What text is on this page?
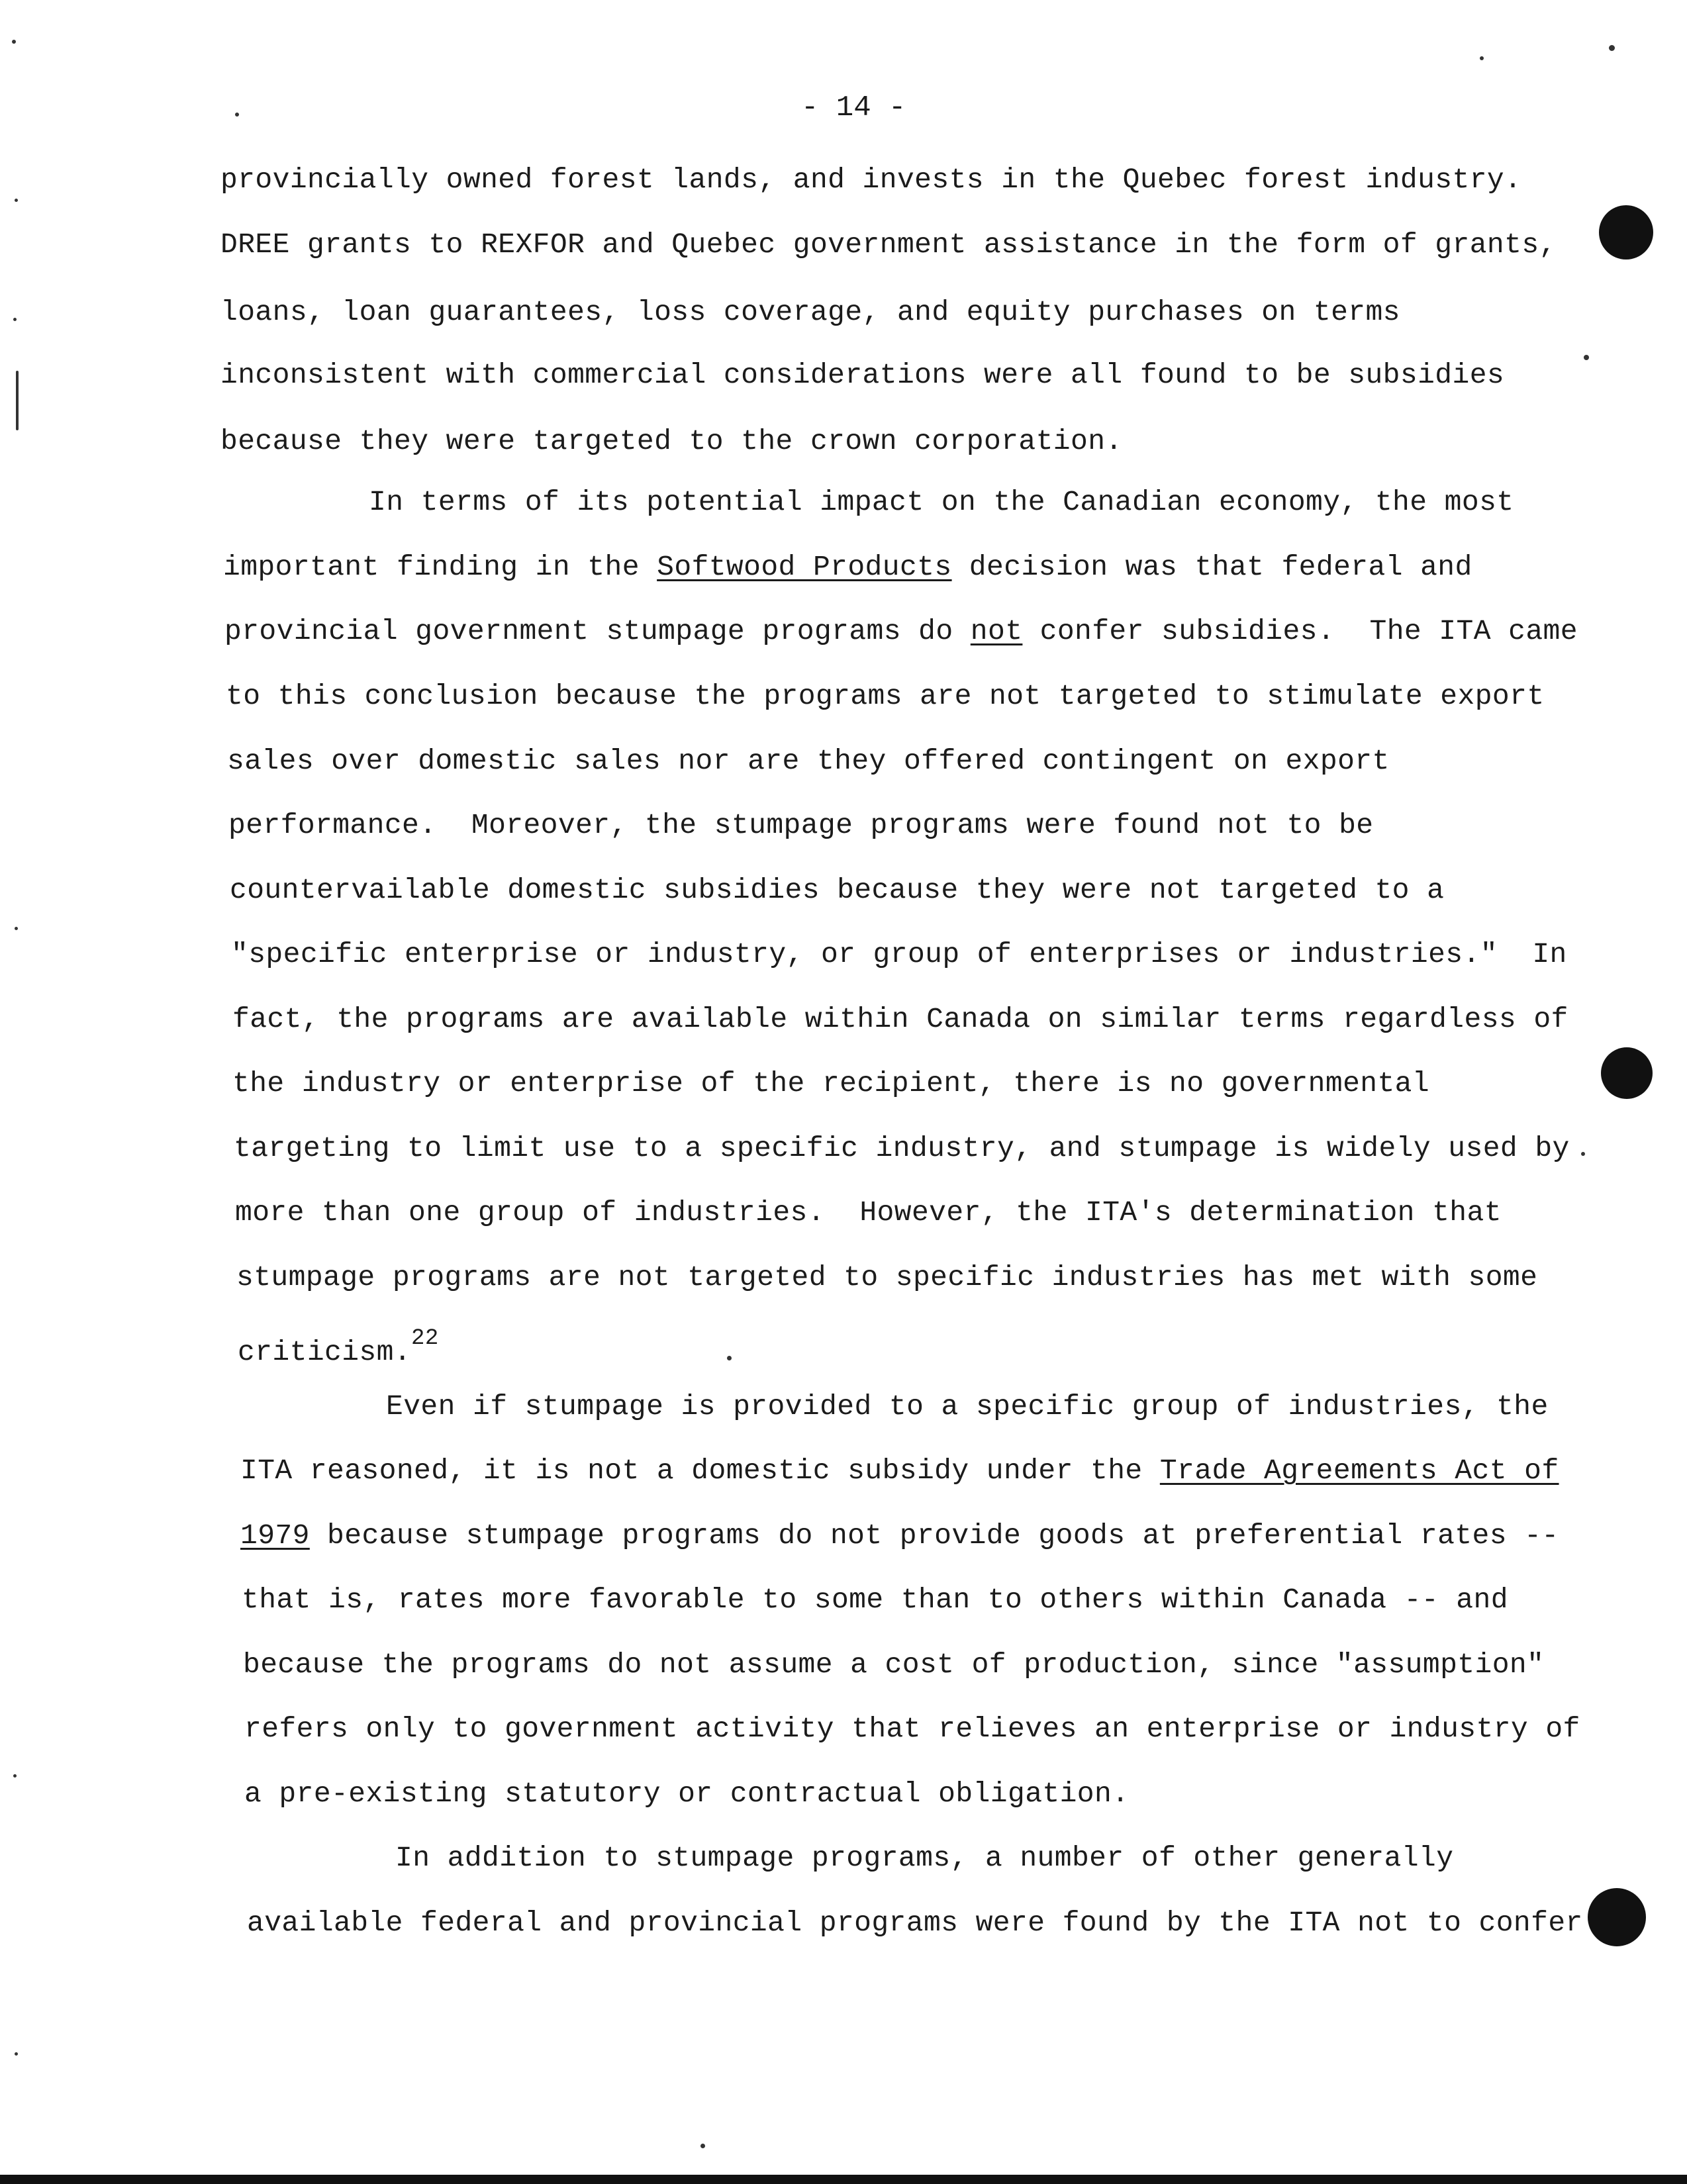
- 14 -
provincially owned forest lands, and invests in the Quebec forest industry.
DREE grants to REXFOR and Quebec government assistance in the form of grants,
loans, loan guarantees, loss coverage, and equity purchases on terms
inconsistent with commercial considerations were all found to be subsidies
because they were targeted to the crown corporation.
In terms of its potential impact on the Canadian economy, the most
important finding in the Softwood Products decision was that federal and
provincial government stumpage programs do not confer subsidies.  The ITA came
to this conclusion because the programs are not targeted to stimulate export
sales over domestic sales nor are they offered contingent on export
performance.  Moreover, the stumpage programs were found not to be
countervailable domestic subsidies because they were not targeted to a
"specific enterprise or industry, or group of enterprises or industries."  In
fact, the programs are available within Canada on similar terms regardless of
the industry or enterprise of the recipient, there is no governmental
targeting to limit use to a specific industry, and stumpage is widely used by
more than one group of industries.  However, the ITA's determination that
stumpage programs are not targeted to specific industries has met with some
criticism.$^{22}$
Even if stumpage is provided to a specific group of industries, the
ITA reasoned, it is not a domestic subsidy under the Trade Agreements Act of
1979 because stumpage programs do not provide goods at preferential rates --
that is, rates more favorable to some than to others within Canada -- and
because the programs do not assume a cost of production, since "assumption"
refers only to government activity that relieves an enterprise or industry of
a pre-existing statutory or contractual obligation.
In addition to stumpage programs, a number of other generally
available federal and provincial programs were found by the ITA not to confer
